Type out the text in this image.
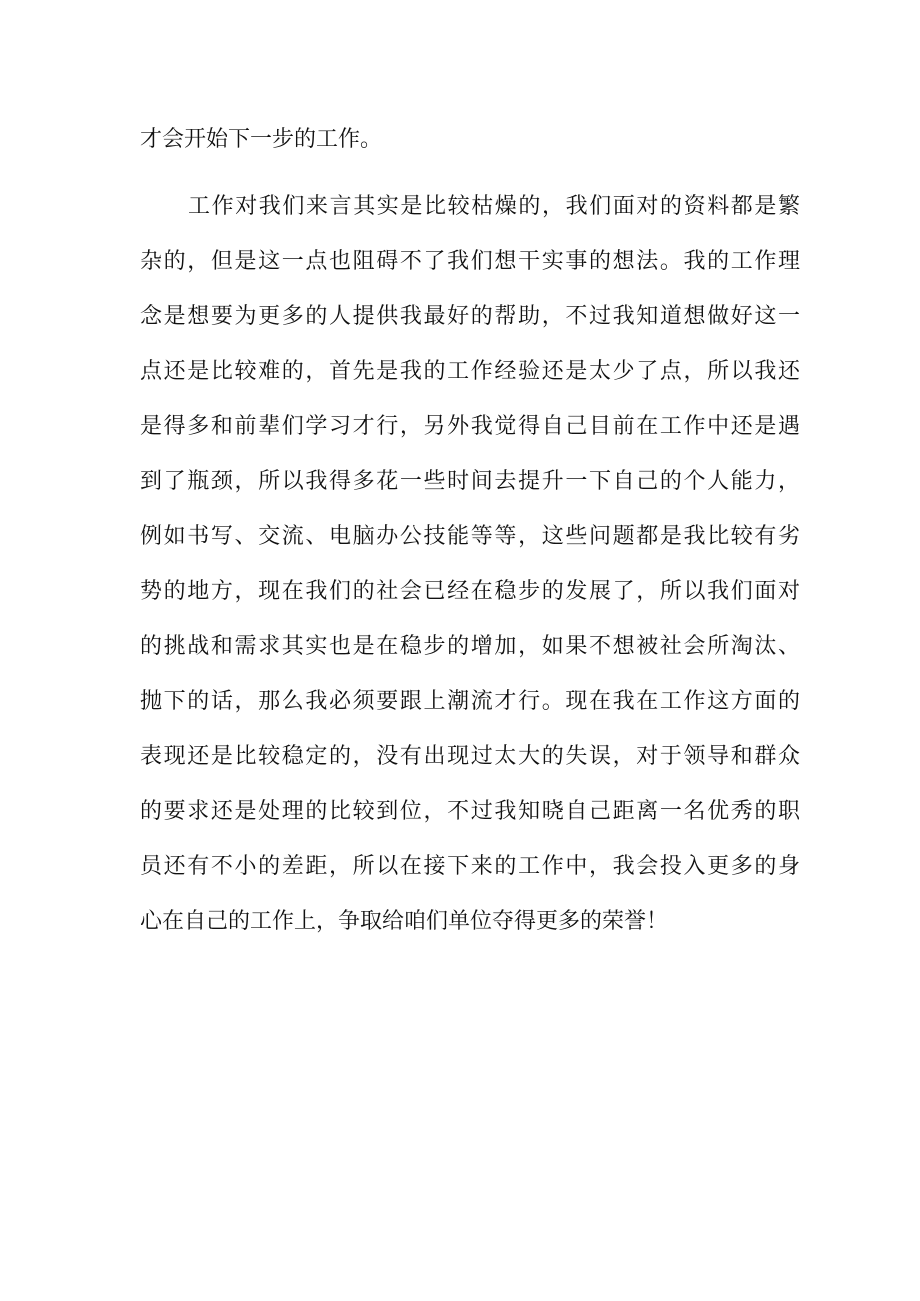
才会开始下一步的工作。
工作对我们来言其实是比较枯燥的，我们面对的资料都是繁
杂的，但是这一点也阻碍不了我们想干实事的想法。我的工作理
念是想要为更多的人提供我最好的帮助，不过我知道想做好这一
点还是比较难的，首先是我的工作经验还是太少了点，所以我还
是得多和前辈们学习才行，另外我觉得自己目前在工作中还是遇
到了瓶颈，所以我得多花一些时间去提升一下自己的个人能力，
例如书写、交流、电脑办公技能等等，这些问题都是我比较有劣
势的地方，现在我们的社会已经在稳步的发展了，所以我们面对
的挑战和需求其实也是在稳步的增加，如果不想被社会所淘汰、
抛下的话，那么我必须要跟上潮流才行。现在我在工作这方面的
表现还是比较稳定的，没有出现过太大的失误，对于领导和群众
的要求还是处理的比较到位，不过我知晓自己距离一名优秀的职
员还有不小的差距，所以在接下来的工作中，我会投入更多的身
心在自己的工作上，争取给咱们单位夺得更多的荣誉！
